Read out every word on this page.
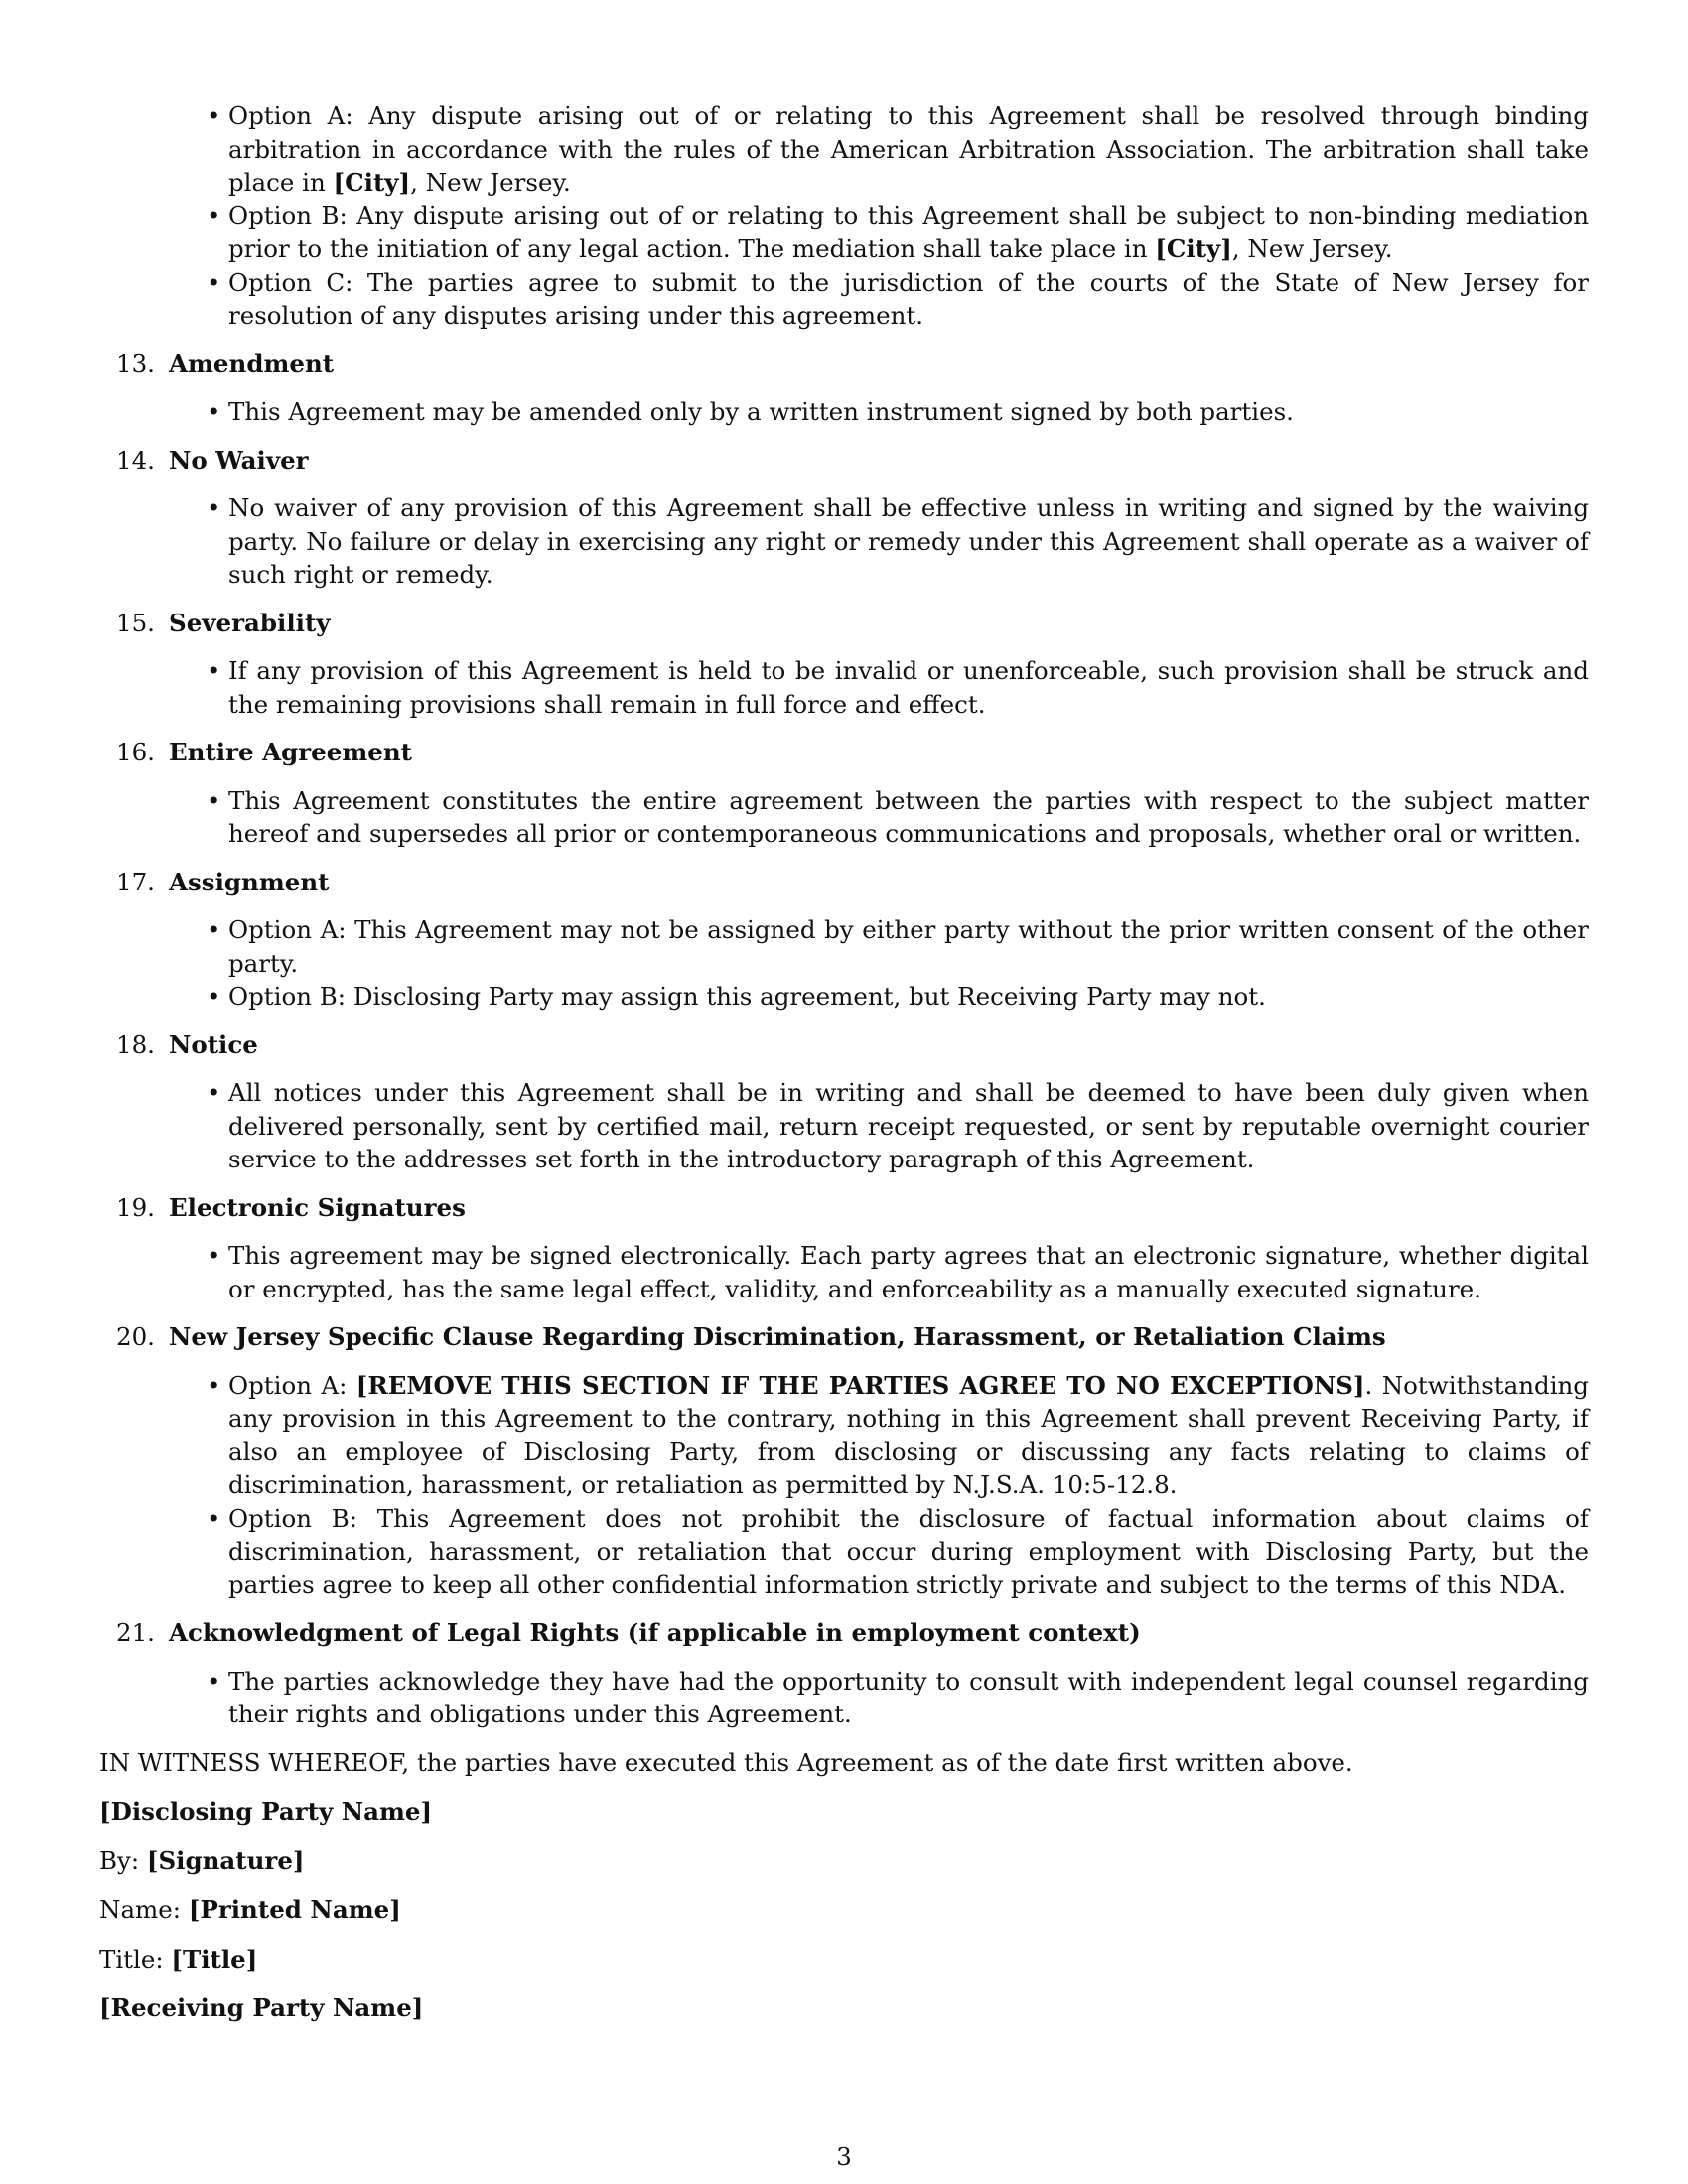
• Option A: Any dispute arising out of or relating to this Agreement shall be resolved through binding arbitration in accordance with the rules of the American Arbitration Association. The arbitration shall take place in [City], New Jersey.
• Option B: Any dispute arising out of or relating to this Agreement shall be subject to non-binding mediation prior to the initiation of any legal action. The mediation shall take place in [City], New Jersey.
• Option C: The parties agree to submit to the jurisdiction of the courts of the State of New Jersey for resolution of any disputes arising under this agreement.
13. Amendment
• This Agreement may be amended only by a written instrument signed by both parties.
14. No Waiver
• No waiver of any provision of this Agreement shall be effective unless in writing and signed by the waiving party. No failure or delay in exercising any right or remedy under this Agreement shall operate as a waiver of such right or remedy.
15. Severability
• If any provision of this Agreement is held to be invalid or unenforceable, such provision shall be struck and the remaining provisions shall remain in full force and effect.
16. Entire Agreement
• This Agreement constitutes the entire agreement between the parties with respect to the subject matter hereof and supersedes all prior or contemporaneous communications and proposals, whether oral or written.
17. Assignment
• Option A: This Agreement may not be assigned by either party without the prior written consent of the other party.
• Option B: Disclosing Party may assign this agreement, but Receiving Party may not.
18. Notice
• All notices under this Agreement shall be in writing and shall be deemed to have been duly given when delivered personally, sent by certified mail, return receipt requested, or sent by reputable overnight courier service to the addresses set forth in the introductory paragraph of this Agreement.
19. Electronic Signatures
• This agreement may be signed electronically. Each party agrees that an electronic signature, whether digital or encrypted, has the same legal effect, validity, and enforceability as a manually executed signature.
20. New Jersey Specific Clause Regarding Discrimination, Harassment, or Retaliation Claims
• Option A: [REMOVE THIS SECTION IF THE PARTIES AGREE TO NO EXCEPTIONS]. Notwithstanding any provision in this Agreement to the contrary, nothing in this Agreement shall prevent Receiving Party, if also an employee of Disclosing Party, from disclosing or discussing any facts relating to claims of discrimination, harassment, or retaliation as permitted by N.J.S.A. 10:5-12.8.
• Option B: This Agreement does not prohibit the disclosure of factual information about claims of discrimination, harassment, or retaliation that occur during employment with Disclosing Party, but the parties agree to keep all other confidential information strictly private and subject to the terms of this NDA.
21. Acknowledgment of Legal Rights (if applicable in employment context)
• The parties acknowledge they have had the opportunity to consult with independent legal counsel regarding their rights and obligations under this Agreement.
IN WITNESS WHEREOF, the parties have executed this Agreement as of the date first written above.
[Disclosing Party Name]
By: [Signature]
Name: [Printed Name]
Title: [Title]
[Receiving Party Name]
3
